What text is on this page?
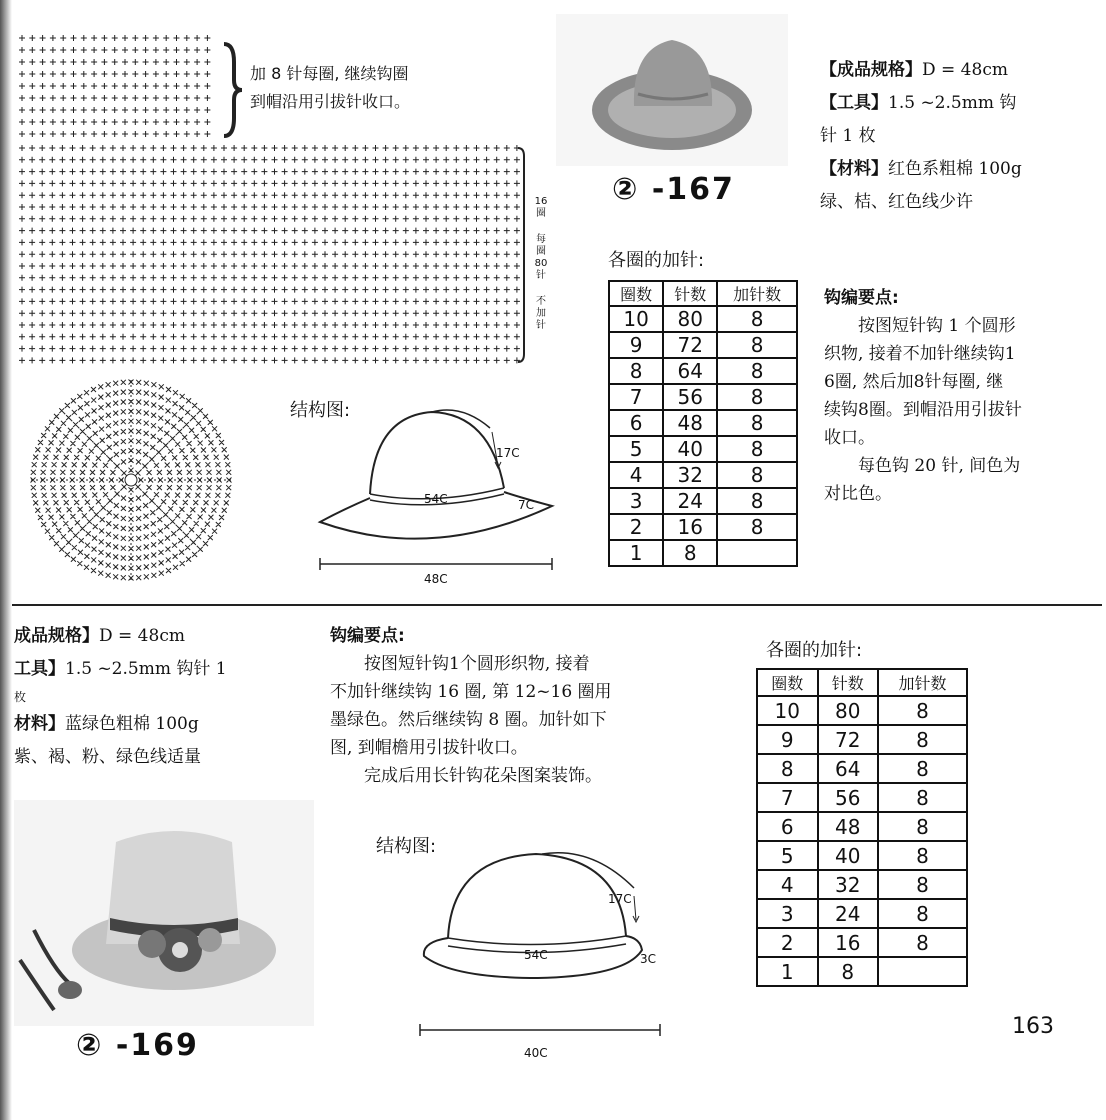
加 8 针每圈, 继续钩圈
到帽沿用引拔针收口。
16圈
每圈80针
不加针
结构图:
17C
54C	7C
48C
② -167
【成品规格】D = 48cm
【工具】1.5 ~2.5mm 钩
针 1 枚
【材料】红色系粗棉 100g
绿、桔、红色线少许
各圈的加针:
圈数	针数	加针数
10	80	8
9	72	8
8	64	8
7	56	8
6	48	8
5	40	8
4	32	8
3	24	8
2	16	8
1	8	
钩编要点:
按图短针钩 1 个圆形
织物, 接着不加针继续钩1
6圈, 然后加8针每圈, 继
续钩8圈。到帽沿用引拔针
收口。
每色钩 20 针, 间色为
对比色。
成品规格】D = 48cm
工具】1.5 ~2.5mm 钩针 1
枚
材料】蓝绿色粗棉 100g
紫、褐、粉、绿色线适量
钩编要点:
按图短针钩1个圆形织物, 接着
不加针继续钩 16 圈, 第 12~16 圈用
墨绿色。然后继续钩 8 圈。加针如下
图, 到帽檐用引拔针收口。
完成后用长针钩花朵图案装饰。
各圈的加针:
圈数	针数	加针数
10	80	8
9	72	8
8	64	8
7	56	8
6	48	8
5	40	8
4	32	8
3	24	8
2	16	8
1	8	
② -169
结构图:
17C
54C	3C
40C
163
